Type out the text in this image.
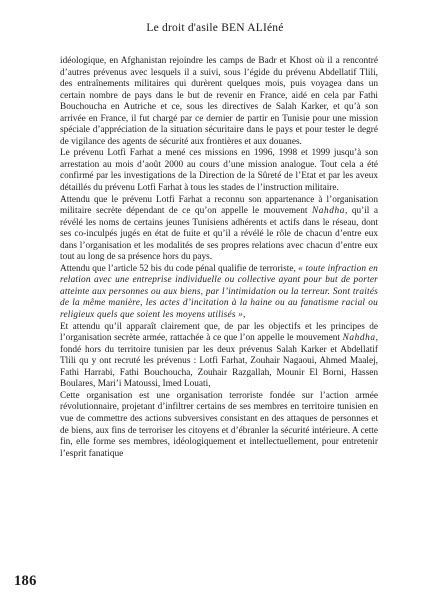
Le droit d'asile BEN ALIéné

idéologique, en Afghanistan rejoindre les camps de Badr et Khost où il a rencontré d’autres prévenus avec lesquels il a suivi, sous l’égide du prévenu Abdellatif Tlili, des entraînements militaires qui durèrent quelques mois, puis voyagea dans un certain nombre de pays dans le but de revenir en France, aidé en cela par Fathi Bouchoucha en Autriche et ce, sous les directives de Salah Karker, et qu’à son arrivée en France, il fut chargé par ce dernier de partir en Tunisie pour une mission spéciale d’appréciation de la situation sécuritaire dans le pays et pour tester le degré de vigilance des agents de sécurité aux frontières et aux douanes.

Le prévenu Lotfi Farhat a mené ces missions en 1996, 1998 et 1999 jusqu’à son arrestation au mois d’août 2000 au cours d’une mission analogue. Tout cela a été confirmé par les investigations de la Direction de la Sûreté de l’Etat et par les aveux détaillés du prévenu Lotfi Farhat à tous les stades de l’instruction militaire.

Attendu que le prévenu Lotfi Farhat a reconnu son appartenance à l’organisation militaire secrète dépendant de ce qu’on appelle le mouvement Nahdha, qu’il a révélé les noms de certains jeunes Tunisiens adhérents et actifs dans le réseau, dont ses co-inculpés jugés en état de fuite et qu’il a révélé le rôle de chacun d’entre eux dans l’organisation et les modalités de ses propres relations avec chacun d’entre eux tout au long de sa présence hors du pays.

Attendu que l’article 52 bis du code pénal qualifie de terroriste, « toute infraction en relation avec une entreprise individuelle ou collective ayant pour but de porter atteinte aux personnes ou aux biens, par l’intimidation ou la terreur. Sont traités de la même manière, les actes d’incitation à la haine ou au fanatisme racial ou religieux quels que soient les moyens utilisés »,

Et attendu qu’il apparaît clairement que, de par les objectifs et les principes de l’organisation secrète armée, rattachée à ce que l’on appelle le mouvement Nahdha, fondé hors du territoire tunisien par les deux prévenus Salah Karker et Abdellatif Tlili qu y ont recruté les prévenus : Lotfi Farhat, Zouhair Nagaoui, Ahmed Maalej, Fathi Harrabi, Fathi Bouchoucha, Zouhair Razgallah, Mounir El Borni, Hassen Boulares, Mari’i Matoussi, Imed Louati,

Cette organisation est une organisation terroriste fondée sur l’action armée révolutionnaire, projetant d’infiltrer certains de ses membres en territoire tunisien en vue de commettre des actions subversives consistant en des attaques de personnes et de biens, aux fins de terroriser les citoyens et d’ébranler la sécurité intérieure. A cette fin, elle forme ses membres, idéologiquement et intellectuellement, pour entretenir l’esprit fanatique

186
